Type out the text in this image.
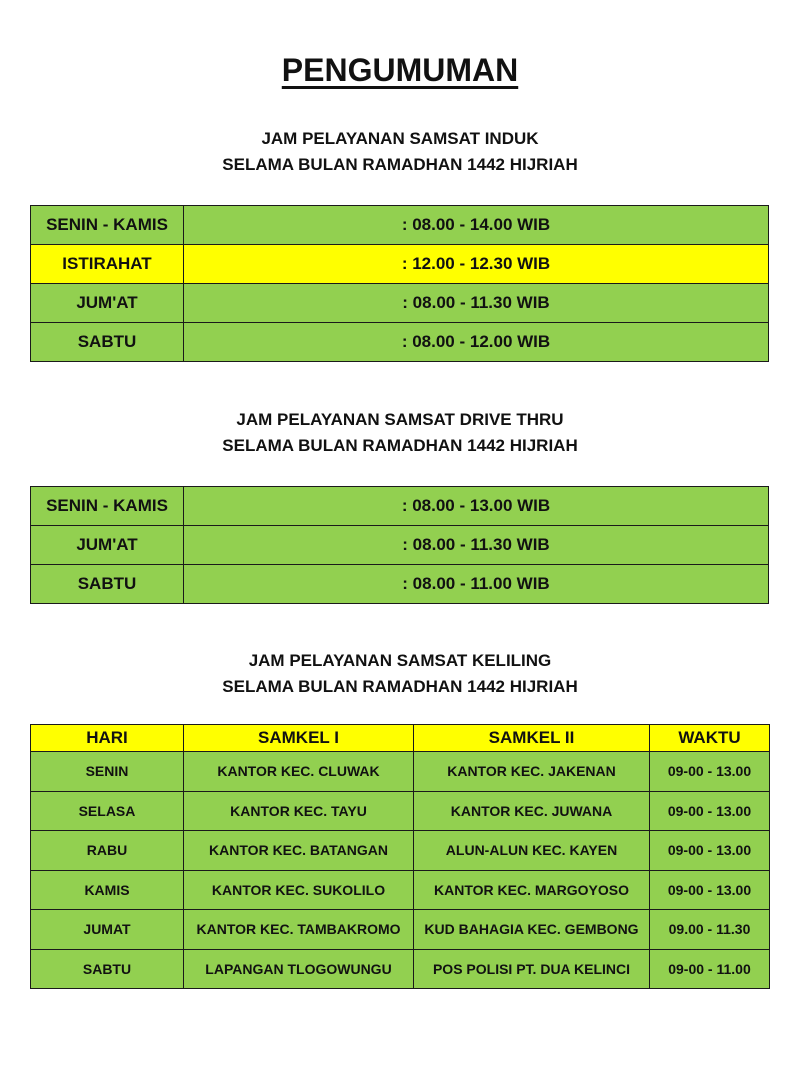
PENGUMUMAN
JAM PELAYANAN SAMSAT INDUK
SELAMA BULAN RAMADHAN 1442 HIJRIAH
SENIN - KAMIS	: 08.00 - 14.00 WIB
ISTIRAHAT	: 12.00 - 12.30 WIB
JUM'AT	: 08.00 - 11.30 WIB
SABTU	: 08.00 - 12.00 WIB
JAM PELAYANAN SAMSAT DRIVE THRU
SELAMA BULAN RAMADHAN 1442 HIJRIAH
SENIN - KAMIS	: 08.00 - 13.00 WIB
JUM'AT	: 08.00 - 11.30 WIB
SABTU	: 08.00 - 11.00 WIB
JAM PELAYANAN SAMSAT KELILING
SELAMA BULAN RAMADHAN 1442 HIJRIAH
HARI	SAMKEL I	SAMKEL II	WAKTU
SENIN	KANTOR KEC. CLUWAK	KANTOR KEC. JAKENAN	09-00 - 13.00
SELASA	KANTOR KEC. TAYU	KANTOR KEC. JUWANA	09-00 - 13.00
RABU	KANTOR KEC. BATANGAN	ALUN-ALUN KEC. KAYEN	09-00 - 13.00
KAMIS	KANTOR KEC. SUKOLILO	KANTOR KEC. MARGOYOSO	09-00 - 13.00
JUMAT	KANTOR KEC. TAMBAKROMO	KUD BAHAGIA KEC. GEMBONG	09.00 - 11.30
SABTU	LAPANGAN TLOGOWUNGU	POS POLISI PT. DUA KELINCI	09-00 - 11.00
